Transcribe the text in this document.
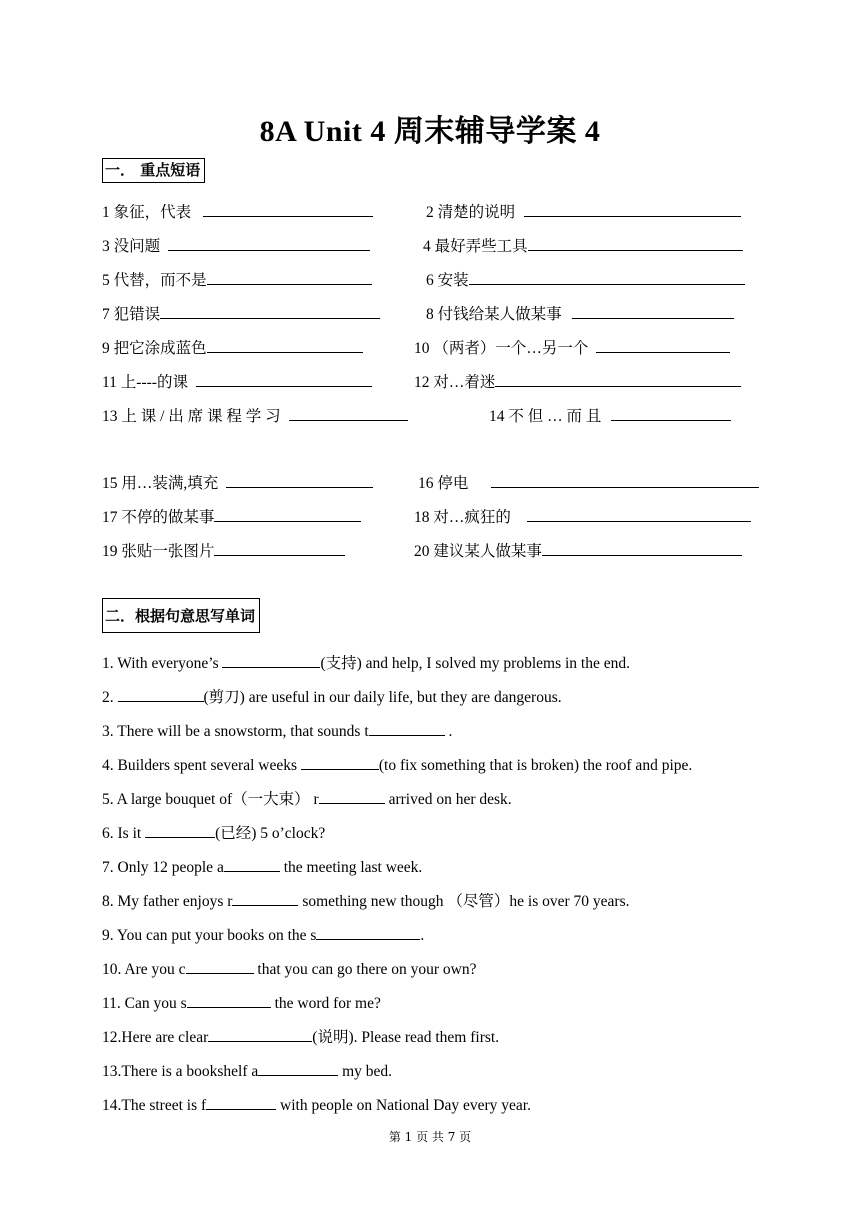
8A Unit 4 周末辅导学案 4
一． 重点短语
1 象征，代表	2 清楚的说明
3 没问题	4 最好弄些工具
5 代替，而不是	6 安装
7 犯错误	8 付钱给某人做某事
9 把它涂成蓝色	10 （两者）一个…另一个
11 上----的课	12 对…着迷
13 上 课 / 出 席 课 程 学 习	14 不 但 … 而 且
15 用…装满,填充	16 停电
17 不停的做某事	18 对…疯狂的
19 张贴一张图片	20 建议某人做某事
二．根据句意思写单词
1. With everyone’s	(支持) and help, I solved my problems in the end.
2.	(剪刀) are useful in our daily life, but they are dangerous.
3. There will be a snowstorm, that sounds t	.
4. Builders spent several weeks	(to fix something that is broken) the roof and pipe.
5. A large bouquet of（一大束） r	arrived on her desk.
6. Is it	(已经) 5 o’clock?
7. Only 12 people a	the meeting last week.
8. My father enjoys r	something new though （尽管）he is over 70 years.
9. You can put your books on the s	.
10. Are you c	that you can go there on your own?
11. Can you s	the word for me?
12.Here are clear	(说明). Please read them first.
13.There is a bookshelf a	my bed.
14.The street is f	with people on National Day every year.
第 1 页 共 7 页
